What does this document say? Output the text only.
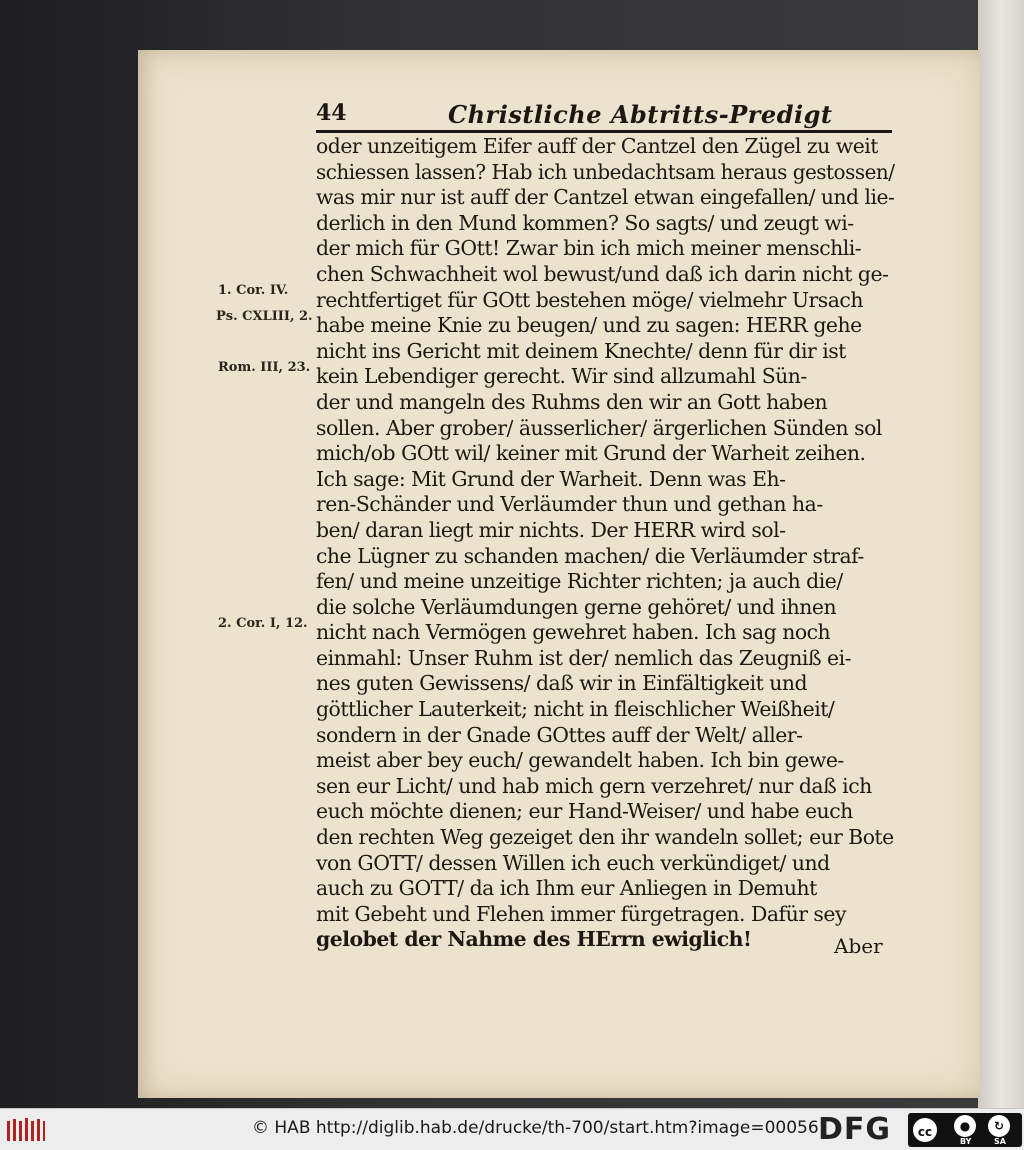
44	Christliche Abtritts-Predigt
1. Cor. IV.
Ps. CXLIII, 2.
Rom. III, 23.
2. Cor. I, 12.
oder unzeitigem Eifer auff der Cantzel den Zügel zu weit
schiessen lassen? Hab ich unbedachtsam heraus gestossen/
was mir nur ist auff der Cantzel etwan eingefallen/ und lie-
derlich in den Mund kommen? So sagts/ und zeugt wi-
der mich für GOtt! Zwar bin ich mich meiner menschli-
chen Schwachheit wol bewust/und daß ich darin nicht ge-
rechtfertiget für GOtt bestehen möge/ vielmehr Ursach
habe meine Knie zu beugen/ und zu sagen: HERR gehe
nicht ins Gericht mit deinem Knechte/ denn für dir ist
kein Lebendiger gerecht. Wir sind allzumahl Sün-
der und mangeln des Ruhms den wir an Gott haben
sollen. Aber grober/ äusserlicher/ ärgerlichen Sünden sol
mich/ob GOtt wil/ keiner mit Grund der Warheit zeihen.
Ich sage: Mit Grund der Warheit. Denn was Eh-
ren-Schänder und Verläumder thun und gethan ha-
ben/ daran liegt mir nichts. Der HERR wird sol-
che Lügner zu schanden machen/ die Verläumder straf-
fen/ und meine unzeitige Richter richten; ja auch die/
die solche Verläumdungen gerne gehöret/ und ihnen
nicht nach Vermögen gewehret haben. Ich sag noch
einmahl: Unser Ruhm ist der/ nemlich das Zeugniß ei-
nes guten Gewissens/ daß wir in Einfältigkeit und
göttlicher Lauterkeit; nicht in fleischlicher Weißheit/
sondern in der Gnade GOttes auff der Welt/ aller-
meist aber bey euch/ gewandelt haben. Ich bin gewe-
sen eur Licht/ und hab mich gern verzehret/ nur daß ich
euch möchte dienen; eur Hand-Weiser/ und habe euch
den rechten Weg gezeiget den ihr wandeln sollet; eur Bote
von GOTT/ dessen Willen ich euch verkündiget/ und
auch zu GOTT/ da ich Ihm eur Anliegen in Demuht
mit Gebeht und Flehen immer fürgetragen. Dafür sey
gelobet der Nahme des HErrn ewiglich!	Aber
© HAB http://diglib.hab.de/drucke/th-700/start.htm?image=00056 DFG	cc	●	↻
BY	SA
